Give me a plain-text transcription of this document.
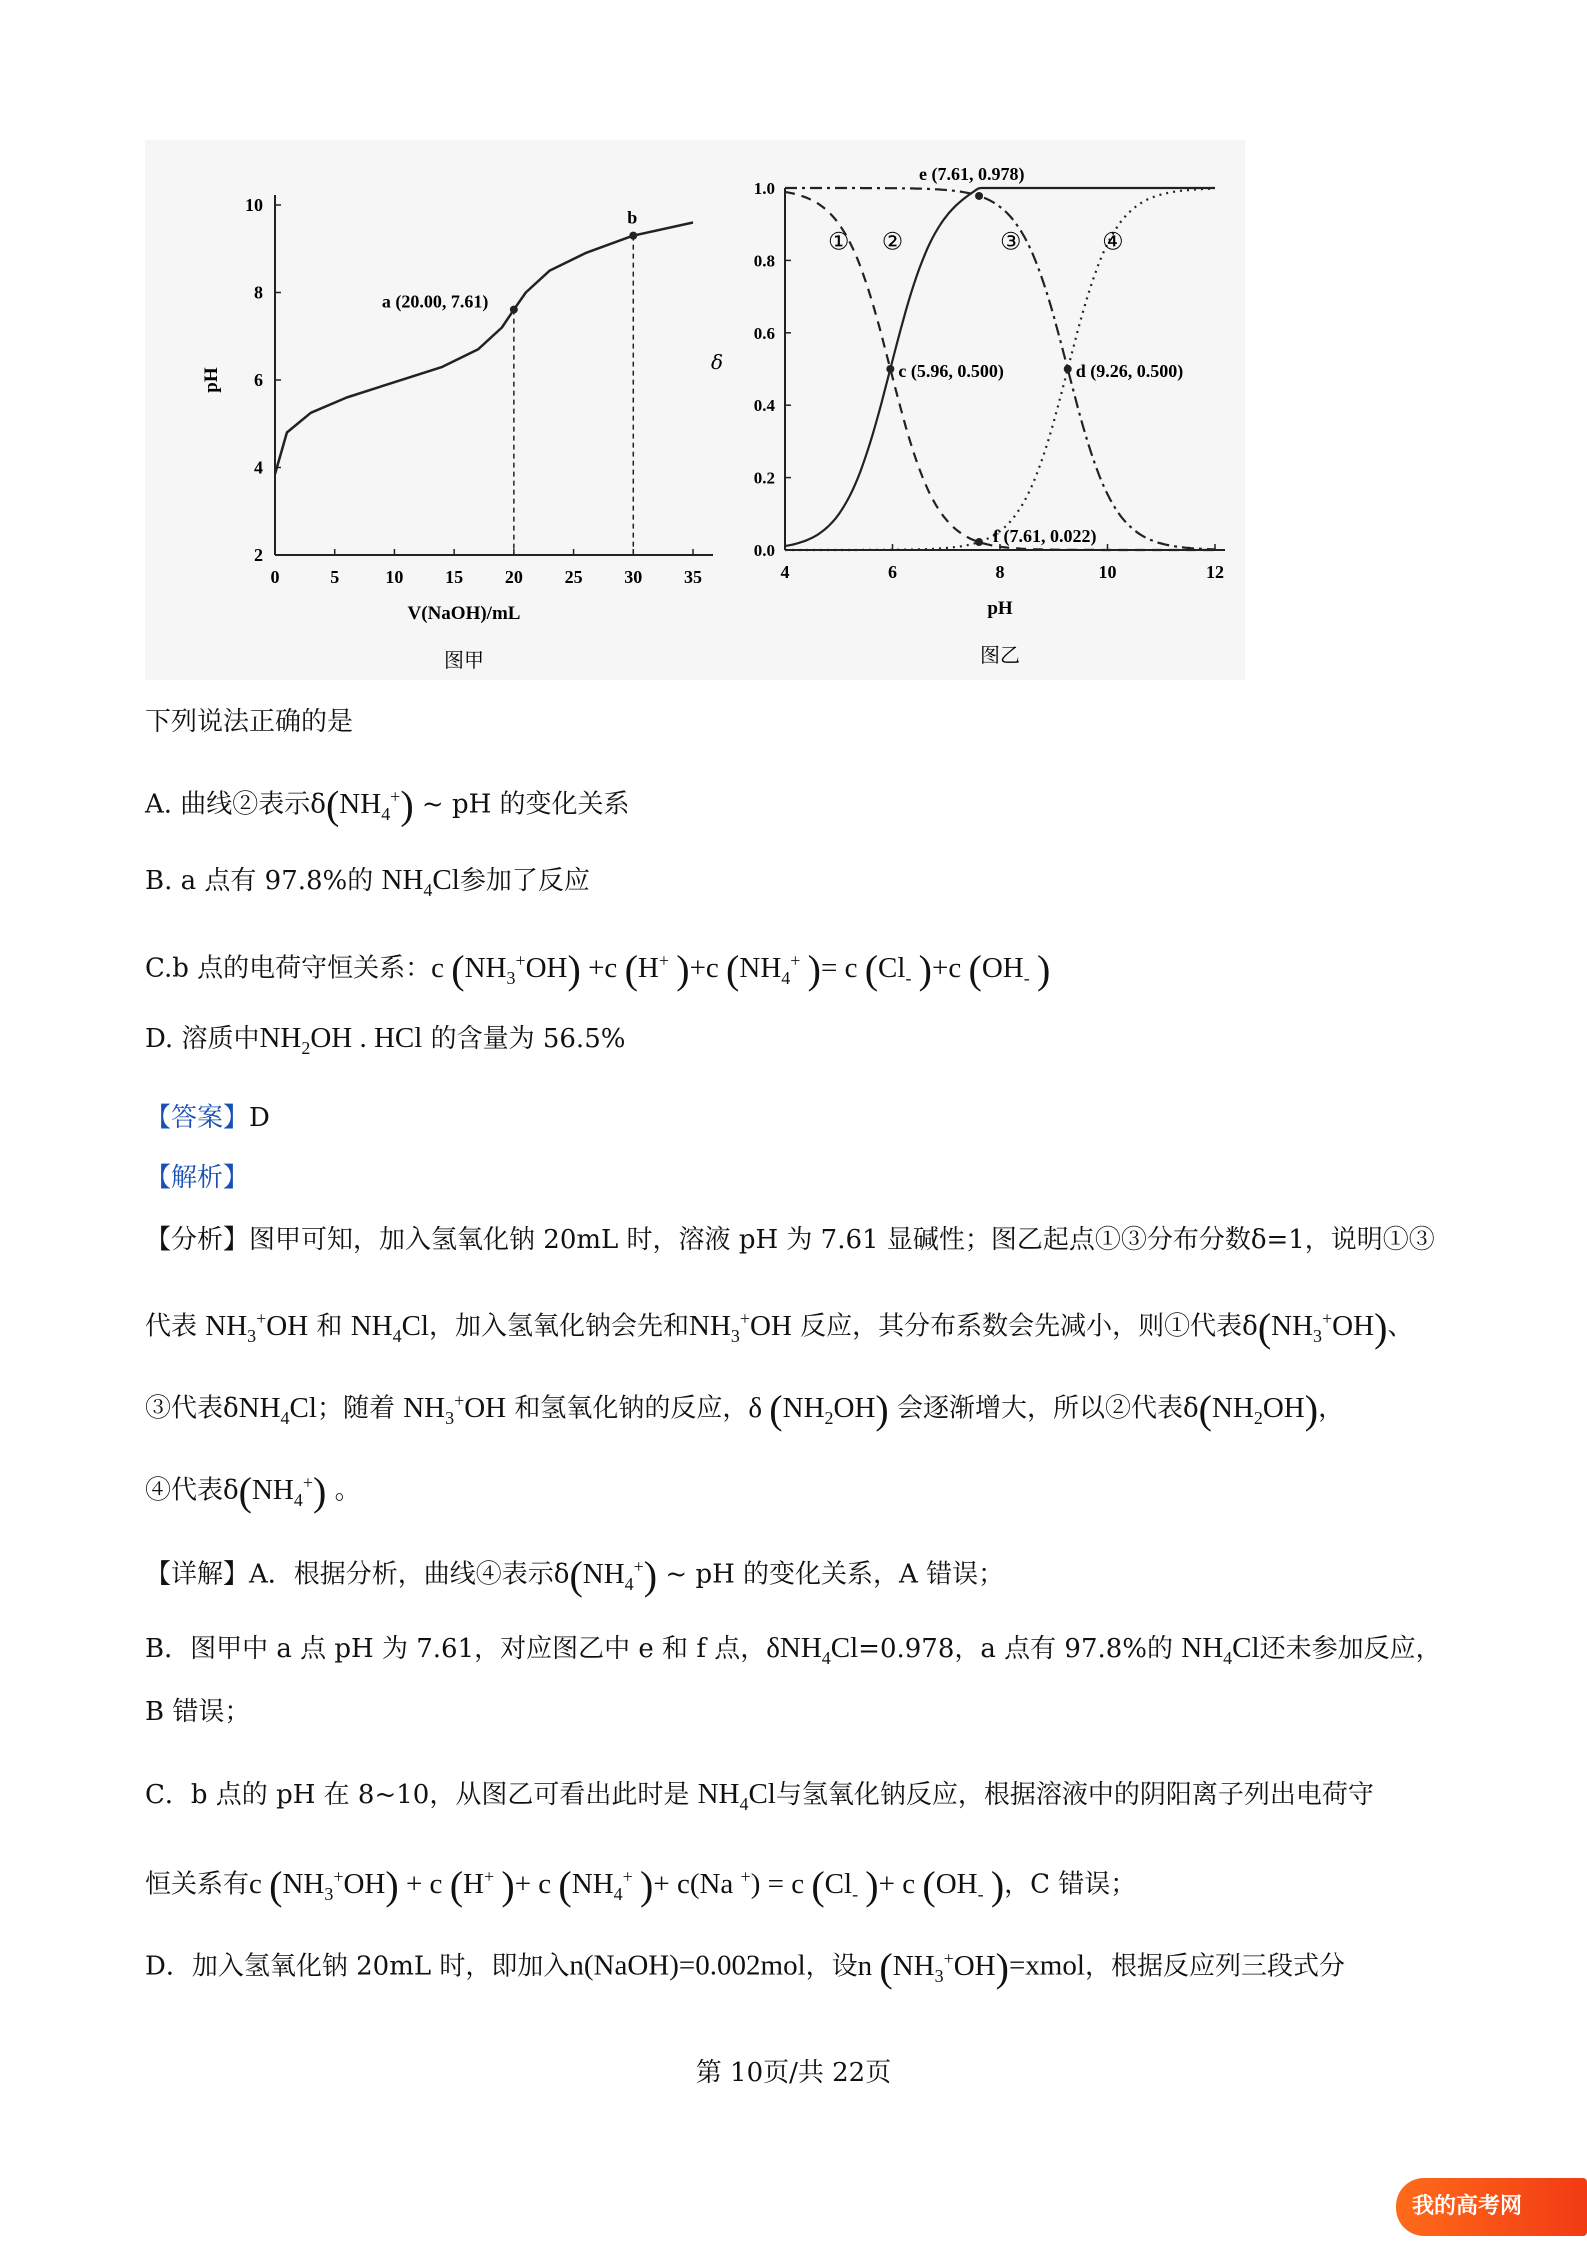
0	5	10 15 20 25 30 35
2
4
6
8
10
V(NaOH)/mL
pH
a (20.00, 7.61)
b
图甲
4	6	8	10	12
0.0
0.2
0.4
0.6
0.8
1.0
pH
δ
① ②	③	④
c (5.96, 0.500)	d (9.26, 0.500)
e (7.61, 0.978)
f (7.61, 0.022)
图乙
下列说法正确的是
A. 曲线②表示$\delta(NH_4^+)$ ~ pH 的变化关系
B. a 点有 97.8%的 $NH_4Cl$参加了反应
C.b 点的电荷守恒关系：c $(NH_3^+OH) +c$ (H+ )+c ($NH_4^+$ )= c ($Cl_-$ )+c ($OH_-$ )
D. 溶质中$NH_2OH$ . HCl 的含量为 56.5%
【答案】D
【解析】
【分析】图甲可知，加入氢氧化钠 20mL 时，溶液 pH 为 7.61 显碱性；图乙起点①③分布分数δ=1，说明①③
代表 $NH_3^+OH$ 和 $NH_4Cl$，加入氢氧化钠会先和$NH_3^+OH$ 反应，其分布系数会先减小，则①代表$\delta(NH_3^+OH)$、
③代表δNH$_4$Cl；随着 $NH_3^+OH$ 和氢氧化钠的反应，δ $(NH_2OH)$ 会逐渐增大，所以②代表$\delta(NH_2OH)$，
④代表$\delta(NH_4^+)$ 。
【详解】A．根据分析，曲线④表示$\delta(NH_4^+)$ ~ pH 的变化关系，A 错误；
B．图甲中 a 点 pH 为 7.61，对应图乙中 e 和 f 点，δNH$_4$Cl=0.978，a 点有 97.8%的 $NH_4Cl$还未参加反应，
B 错误；
C．b 点的 pH 在 8~10，从图乙可看出此时是 $NH_4Cl$与氢氧化钠反应，根据溶液中的阴阳离子列出电荷守
恒关系有c $(NH_3^+OH) + c$ (H+ )+ c ($NH_4^+$ )+ c(Na +) = c ($Cl_-$ )+ c ($OH_-$ )，C 错误；
D．加入氢氧化钠 20mL 时，即加入n(NaOH)=0.002mol，设n $(NH_3^+OH)=xmol$，根据反应列三段式分
第 10页/共 22页
我的高考网
